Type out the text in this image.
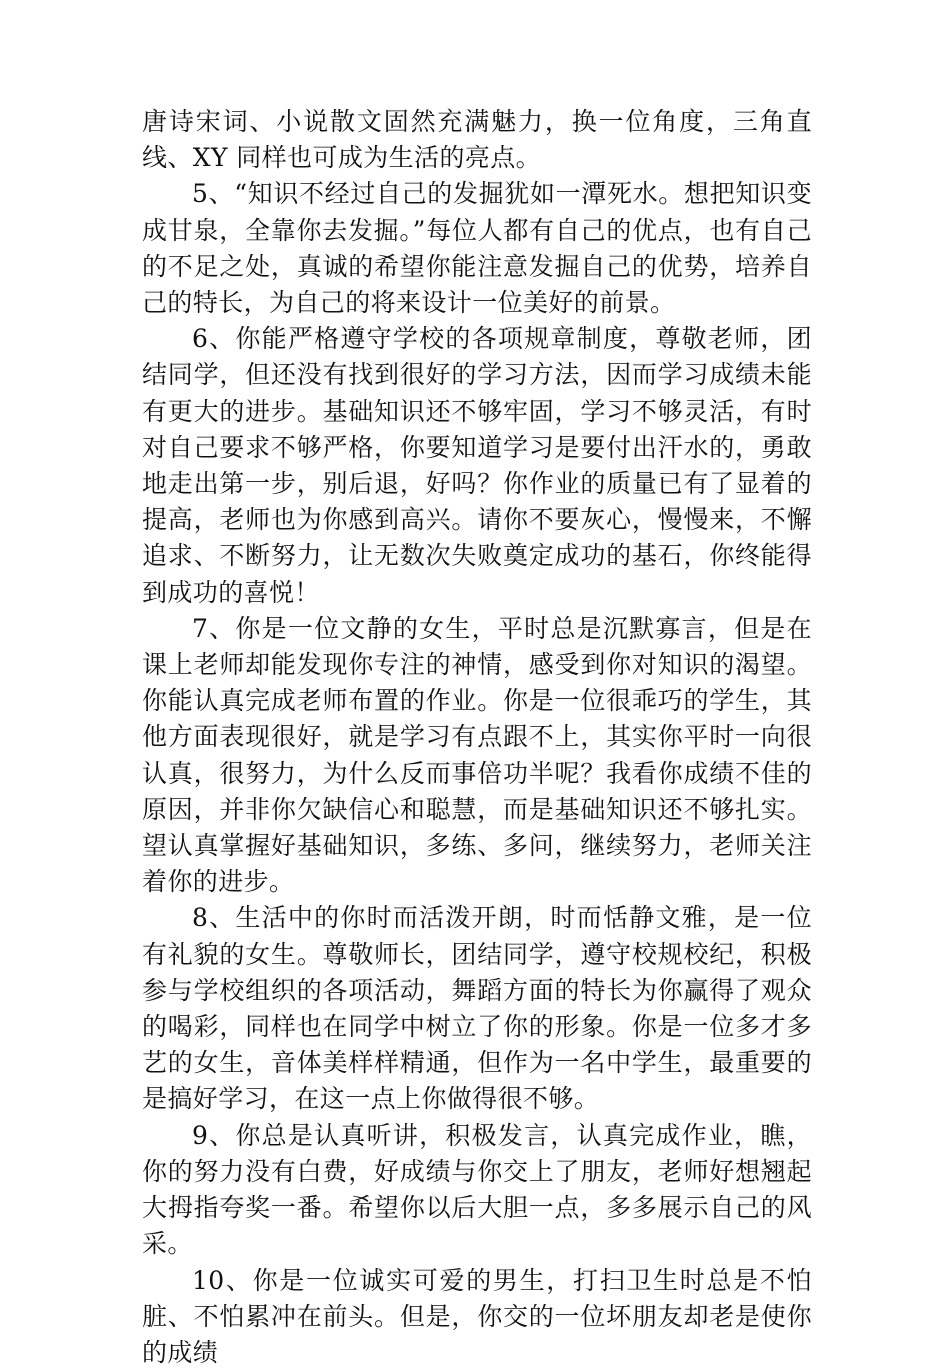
唐诗宋词、小说散文固然充满魅力，换一位角度，三角直线、XY 同样也可成为生活的亮点。

5、“知识不经过自己的发掘犹如一潭死水。想把知识变成甘泉，全靠你去发掘。”每位人都有自己的优点，也有自己的不足之处，真诚的希望你能注意发掘自己的优势，培养自己的特长，为自己的将来设计一位美好的前景。

6、你能严格遵守学校的各项规章制度，尊敬老师，团结同学，但还没有找到很好的学习方法，因而学习成绩未能有更大的进步。基础知识还不够牢固，学习不够灵活，有时对自己要求不够严格，你要知道学习是要付出汗水的，勇敢地走出第一步，别后退，好吗？你作业的质量已有了显着的提高，老师也为你感到高兴。请你不要灰心，慢慢来，不懈追求、不断努力，让无数次失败奠定成功的基石，你终能得到成功的喜悦！

7、你是一位文静的女生，平时总是沉默寡言，但是在课上老师却能发现你专注的神情，感受到你对知识的渴望。你能认真完成老师布置的作业。你是一位很乖巧的学生，其他方面表现很好，就是学习有点跟不上，其实你平时一向很认真，很努力，为什么反而事倍功半呢？我看你成绩不佳的原因，并非你欠缺信心和聪慧，而是基础知识还不够扎实。望认真掌握好基础知识，多练、多问，继续努力，老师关注着你的进步。

8、生活中的你时而活泼开朗，时而恬静文雅，是一位有礼貌的女生。尊敬师长，团结同学，遵守校规校纪，积极参与学校组织的各项活动，舞蹈方面的特长为你赢得了观众的喝彩，同样也在同学中树立了你的形象。你是一位多才多艺的女生，音体美样样精通，但作为一名中学生，最重要的是搞好学习，在这一点上你做得很不够。

9、你总是认真听讲，积极发言，认真完成作业，瞧，你的努力没有白费，好成绩与你交上了朋友，老师好想翘起大拇指夸奖一番。希望你以后大胆一点，多多展示自己的风采。

10、你是一位诚实可爱的男生，打扫卫生时总是不怕脏、不怕累冲在前头。但是，你交的一位坏朋友却老是使你的成绩
